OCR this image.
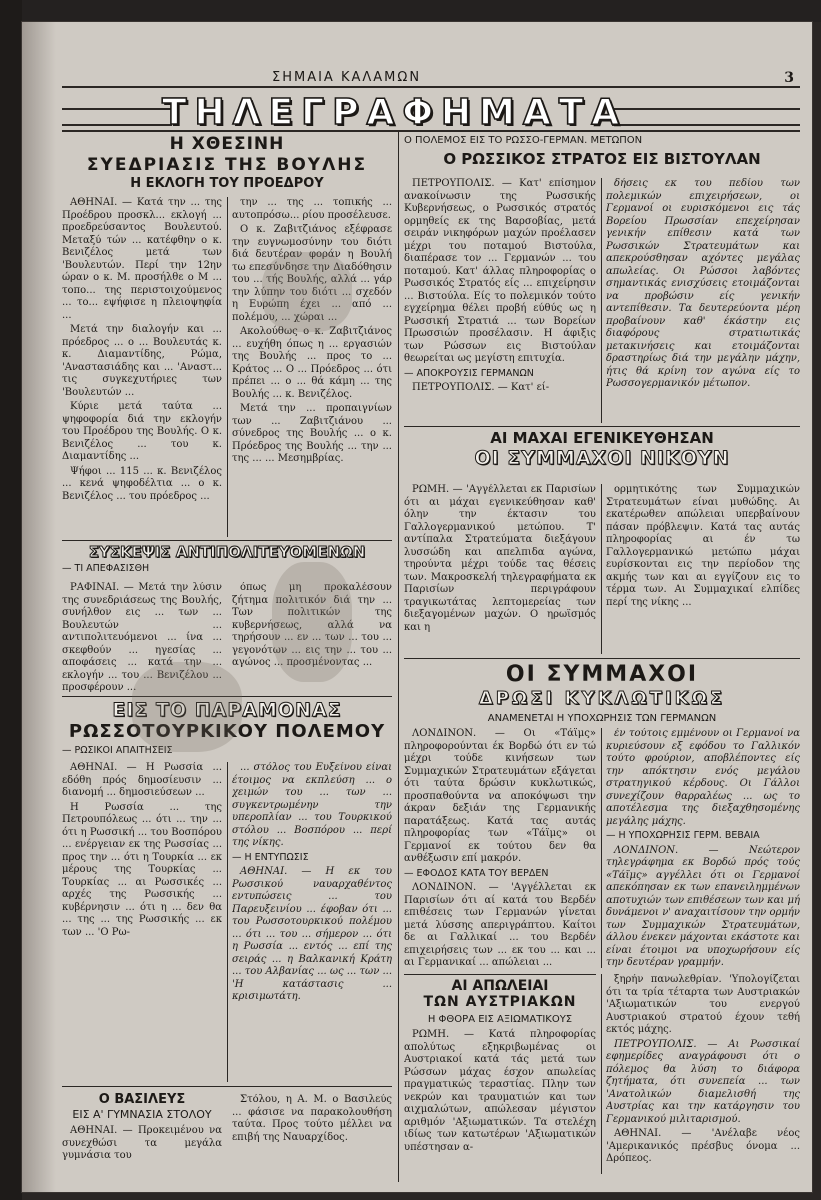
ΣΗΜΑΙΑ ΚΑΛΑΜΩΝ	3
ΤΗΛΕΓΡΑΦΗΜΑΤΑ
Η ΧΘΕΣΙΝΗ
ΣΥΕΔΡΙΑΣΙΣ ΤΗΣ ΒΟΥΛΗΣ
Η ΕΚΛΟΓΗ ΤΟΥ ΠΡΟΕΔΡΟΥ

ΑΘΗΝΑΙ. — Κατά την ... της Προέδρου προσκλ... εκλογή ... προεδρεύσαντος Βουλευτού. Μεταξύ τών ... κατέφθην ο κ. Βενιζέλος μετά των 'Βουλευτών. Περί την 12ην ώραν ο κ. Μ. προσήλθε ο Μ ... τοπο... της περιστοιχούμενος ... το... εψήφισε η πλειοψηφία ...

Μετά την διαλογήν και ... πρόεδρος ... ο ... Βουλευτάς κ. κ. Διαμαντίδης, Ρώμα, 'Αναστασιάδης και ... 'Αναστ... τις συγκεχυτήριες των 'Βουλευτών ...

Κύριε μετά ταύτα ... ψηφοφορία διά την εκλογήν του Προέδρου της Βουλής. Ο κ. Βενιζέλος ... του κ. Διαμαντίδης ...

Ψήφοι ... 115 ... κ. Βενιζέλος ... κενά ψηφοδέλτια ... ο κ. Βενιζέλος ... του πρόεδρος ...

την ... της ... τοπικής ... αυτοπρόσω... ρίου προσέλευσε.

Ο κ. Ζαβιτζιάνος εξέφρασε την ευγνωμοσύνην του διότι διά δευτέραν φοράν η Βουλή τω επεσύνδησε την Διαδόθησιν του ... τής Βουλής, αλλά ... γάρ την λύπην του διότι ... σχεδόν η Ευρώπη έχει ... από ... πολέμου, ... χώραι ...

Ακολούθως ο κ. Ζαβιτζιάνος ... ευχήθη όπως η ... εργασιών της Βουλής ... προς το ... Κράτος ... Ο ... Πρόεδρος ... ότι πρέπει ... ο ... θά κάμη ... της Βουλής ... κ. Βενιζέλος.

Μετά την ... προπαιγνίων των ... Ζαβιτζιάνου ... σύνεδρος της Βουλής ... ο κ. Πρόεδρος της Βουλής ... την ... της ... ... Μεσημβρίας.

ΣΥΣΚΕΨΙΣ ΑΝΤΙΠΟΛΙΤΕΥΟΜΕΝΩΝ
— ΤΙ ΑΠΕΦΑΣΙΣΘΗ

ΡΑΦΙΝΑΙ. — Μετά την λύσιν της συνεδριάσεως της Βουλής, συνήλθον εις ... των ... Βουλευτών ... αντιπολιτευόμενοι ... ίνα ... σκεφθούν ... ηγεσίας ... αποφάσεις ... κατά την ... εκλογήν ... του ... Βενιζέλου ... προσφέρουν ...

όπως μη προκαλέσουν ζήτημα πολιτικόν διά την ... Των πολιτικών της κυβερνήσεως, αλλά να τηρήσουν ... εν ... των ... του ... γεγονότων ... εις την ... του ... αγώνος ... προσμένοντας ...

ΕΙΣ ΤΟ ΠΑΡΑΜΟΝΑΣ
ΡΩΣΣΟΤΟΥΡΚΙΚΟΥ ΠΟΛΕΜΟΥ
— ΡΩΣΙΚΟΙ ΑΠΑΙΤΗΣΕΙΣ

ΑΘΗΝΑΙ. — Η Ρωσσία ... εδόθη πρός δημοσίευσιν ... διανομή ... δημοσιεύσεων ...

Η Ρωσσία ... της Πετρουπόλεως ... ότι ... την ... ότι η Ρωσσική ... του Βοσπόρου ... ενέργειαν εκ της Ρωσσίας ... προς την ... ότι η Τουρκία ... εκ μέρους της Τουρκίας ... Τουρκίας ... αι Ρωσσικές ... αρχές της Ρωσσικής ... κυβέρνησιν ... ότι η ... δεν θα ... της ... της Ρωσσικής ... εκ των ... 'Ο Ρω-

... στόλος του Ευξείνου είναι έτοιμος να εκπλεύση ... ο χειμών του ... των ... συγκεντρωμένην την υπεροπλίαν ... του Τουρκικού στόλου ... Βοσπόρου ... περί της νίκης.

— Η ΕΝΤΥΠΩΣΙΣ

ΑΘΗΝΑΙ. — Η εκ του Ρωσσικού ναυαρχαθέντος εντυπώσεις ... του Παρευξεινίου ... έφοβαν ότι ... του Ρωσσοτουρκικού πολέμου ... ότι ... του ... σήμερον ... ότι η Ρωσσία ... εντός ... επί της σειράς ... η Βαλκανική Κράτη ... του Αλβανίας ... ως ... των ... 'Η κατάστασις ... κρισιμωτάτη.

Ο ΒΑΣΙΛΕΥΣ
ΕΙΣ Α' ΓΥΜΝΑΣΙΑ ΣΤΟΛΟΥ

ΑΘΗΝΑΙ. — Προκειμένου να συνεχθώσι τα μεγάλα γυμνάσια του

Στόλου, η Α. Μ. ο Βασιλεύς ... φάσισε να παρακολουθήση ταύτα. Προς τούτο μέλλει να επιβή της Ναυαρχίδος.

Ο ΠΟΛΕΜΟΣ ΕΙΣ ΤΟ ΡΩΣΣΟ-ΓΕΡΜΑΝ. ΜΕΤΩΠΟΝ
Ο ΡΩΣΣΙΚΟΣ ΣΤΡΑΤΟΣ ΕΙΣ ΒΙΣΤΟΥΛΑΝ

ΠΕΤΡΟΥΠΟΛΙΣ. — Κατ' επίσημον ανακοίνωσιν της Ρωσσικής Κυβερνήσεως, ο Ρωσσικός στρατός ορμηθείς εκ της Βαρσοβίας, μετά σειράν νικηφόρων μαχών προέλασεν μέχρι του ποταμού Βιστούλα, διαπέρασε τον ... Γερμανών ... του ποταμού. Κατ' άλλας πληροφορίας ο Ρωσσικός Στρατός είς ... επιχείρησιν ... Βιστούλα. Είς το πολεμικόν τούτο εγχείρημα θέλει προβή εύθύς ως η Ρωσσική Στρατιά ... των Βορείων Πρωσσιών προσέλασιν. Η άφιξις των Ρώσσων εις Βιστούλαν θεωρείται ως μεγίστη επιτυχία.

— ΑΠΟΚΡΟΥΣΙΣ ΓΕΡΜΑΝΩΝ

ΠΕΤΡΟΥΠΟΛΙΣ. — Κατ' εί-

δήσεις εκ του πεδίου των πολεμικών επιχειρήσεων, οι Γερμανοί οι ευρισκόμενοι εις τάς Βορείου Πρωσσίαν επεχείρησαν γενικήν επίθεσιν κατά των Ρωσσικών Στρατευμάτων και απεκρούσθησαν αχόντες μεγάλας απωλείας. Οι Ρώσσοι λαβόντες σημαντικάς ενισχύσεις ετοιμάζονται να προβώσιν είς γενικήν αντεπίθεσιν. Τα δευτερεύοντα μέρη προβαίνουν καθ' έκάστην εις διαφόρους στρατιωτικάς μετακινήσεις και ετοιμάζονται δραστηρίως διά την μεγάλην μάχην, ήτις θά κρίνη τον αγώνα είς το Ρωσσογερμανικόν μέτωπον.

ΑΙ ΜΑΧΑΙ ΕΓΕΝΙΚΕΥΘΗΣΑΝ
ΟΙ ΣΥΜΜΑΧΟΙ ΝΙΚΟΥΝ

ΡΩΜΗ. — 'Αγγέλλεται εκ Παρισίων ότι αι μάχαι εγενικεύθησαν καθ' όλην την έκτασιν του Γαλλογερμανικού μετώπου. Τ' αντίπαλα Στρατεύματα διεξάγουν λυσσώδη και απελπιδα αγώνα, τηρούντα μέχρι τούδε τας θέσεις των. Μακροσκελή τηλεγραφήματα εκ Παρισίων περιγράφουν τραγικωτάτας λεπτομερείας των διεξαγομένων μαχών. Ο ηρωϊσμός και η

ορμητικότης των Συμμαχικών Στρατευμάτων είναι μυθώδης. Αι εκατέρωθεν απώλειαι υπερβαίνουν πάσαν πρόβλεψιν. Κατά τας αυτάς πληροφορίας αι έν τω Γαλλογερμανικώ μετώπω μάχαι ευρίσκονται εις την περίοδον της ακμής των και αι εγγίζουν εις το τέρμα των. Αι Συμμαχικαί ελπίδες περί της νίκης ...

ΟΙ ΣΥΜΜΑΧΟΙ
ΔΡΩΣΙ ΚΥΚΛΩΤΙΚΩΣ
ΑΝΑΜΕΝΕΤΑΙ Η ΥΠΟΧΩΡΗΣΙΣ ΤΩΝ ΓΕΡΜΑΝΩΝ

ΛΟΝΔΙΝΟΝ. — Οι «Τάϊμς» πληροφορούνται έκ Βορδώ ότι εν τώ μέχρι τούδε κινήσεων των Συμμαχικών Στρατευμάτων εξάγεται ότι ταύτα δρώσιν κυκλωτικώς, προσπαθούντα να αποκόψωσι την άκραν δεξιάν της Γερμανικής παρατάξεως. Κατά τας αυτάς πληροφορίας των «Τάϊμς» οι Γερμανοί εκ τούτου δεν θα ανθέξωσιν επί μακρόν.

— ΕΦΟΔΟΣ ΚΑΤΑ ΤΟΥ ΒΕΡΔΕΝ

ΛΟΝΔΙΝΟΝ. — 'Αγγέλλεται εκ Παρισίων ότι αί κατά του Βερδέν επιθέσεις των Γερμανών γίνεται μετά λύσσης απεριγράπτου. Καίτοι δε αι Γαλλικαί ... του Βερδέν επιχειρήσεις των ... εκ του ... και ... αι Γερμανικαί ... απώλειαι ...

έν τούτοις εμμένουν οι Γερμανοί να κυριεύσουν εξ εφόδου το Γαλλικόν τούτο φρούριον, αποβλέποντες είς την απόκτησιν ενός μεγάλου στρατηγικού κέρδους. Οι Γάλλοι συνεχίζουν θαρραλέως ... ως το αποτέλεσμα της διεξαχθησομένης μεγάλης μάχης.

— Η ΥΠΟΧΩΡΗΣΙΣ ΓΕΡΜ. ΒΕΒΑΙΑ

ΛΟΝΔΙΝΟΝ. — Νεώτερον τηλεγράφημα εκ Βορδώ πρός τούς «Τάϊμς» αγγέλλει ότι οι Γερμανοί απεκόπησαν εκ των επανειλημμένων αποτυχιών των επιθέσεων των και μή δυνάμενοι ν' αναχαιτίσουν την ορμήν των Συμμαχικών Στρατευμάτων, άλλου ένεκεν μάχονται εκάστοτε και είναι έτοιμοι να υποχωρήσουν είς την δευτέραν γραμμήν.

ΑΙ ΑΠΩΛΕΙΑΙ
ΤΩΝ ΑΥΣΤΡΙΑΚΩΝ
Η ΦΘΟΡΑ ΕΙΣ ΑΞΙΩΜΑΤΙΚΟΥΣ

ΡΩΜΗ. — Κατά πληροφορίας απολύτως εξηκριβωμένας οι Αυστριακοί κατά τάς μετά των Ρώσσων μάχας έσχον απωλείας πραγματικώς τεραστίας. Πλην των νεκρών και τραυματιών και των αιχμαλώτων, απώλεσαν μέγιστον αριθμόν 'Αξιωματικών. Τα στελέχη ιδίως των κατωτέρων 'Αξιωματικών υπέστησαν α-

ξηρήν πανωλεθρίαν. 'Υπολογίζεται ότι τα τρία τέταρτα των Αυστριακών 'Αξιωματικών του ενεργού Αυστριακού στρατού έχουν τεθή εκτός μάχης.

ΠΕΤΡΟΥΠΟΛΙΣ. — Αι Ρωσσικαί εφημερίδες αναγράφουσι ότι ο πόλεμος θα λύση το διάφορα ζητήματα, ότι συνεπεία ... των 'Ανατολικών διαμελισθή της Αυστρίας και την κατάργησιν του Γερμανικού μιλιταρισμού.

ΑΘΗΝΑΙ. — 'Ανέλαβε νέος 'Αμερικανικός πρέσβυς όνομα ... Δρόπεος.
